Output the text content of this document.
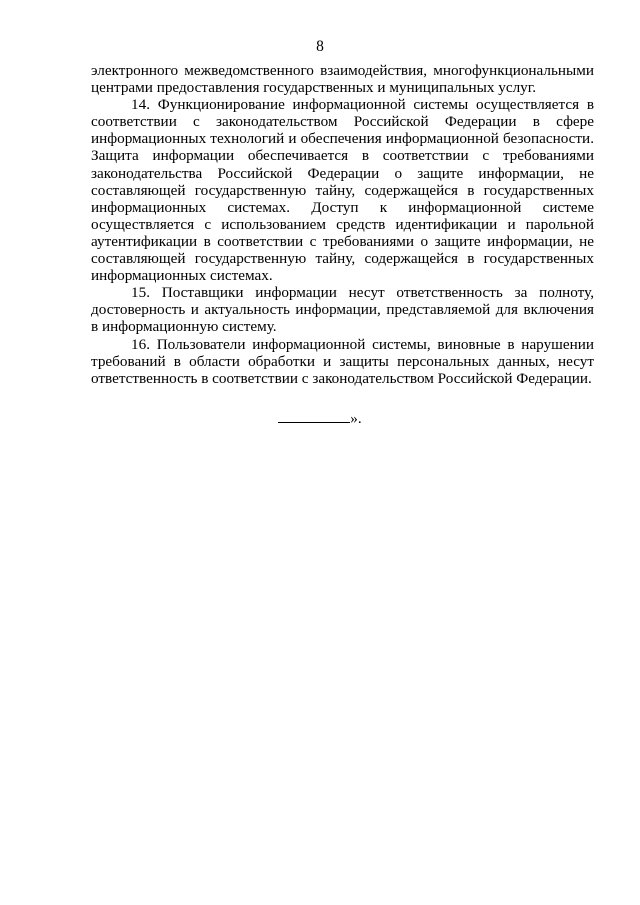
8

электронного межведомственного взаимодействия, многофункциональными центрами предоставления государственных и муниципальных услуг.

14. Функционирование информационной системы осуществляется в соответствии с законодательством Российской Федерации в сфере информационных технологий и обеспечения информационной безопасности. Защита информации обеспечивается в соответствии с требованиями законодательства Российской Федерации о защите информации, не составляющей государственную тайну, содержащейся в государственных информационных системах. Доступ к информационной системе осуществляется с использованием средств идентификации и парольной аутентификации в соответствии с требованиями о защите информации, не составляющей государственную тайну, содержащейся в государственных информационных системах.

15. Поставщики информации несут ответственность за полноту, достоверность и актуальность информации, представляемой для включения в информационную систему.

16. Пользователи информационной системы, виновные в нарушении требований в области обработки и защиты персональных данных, несут ответственность в соответствии с законодательством Российской Федерации.

».
